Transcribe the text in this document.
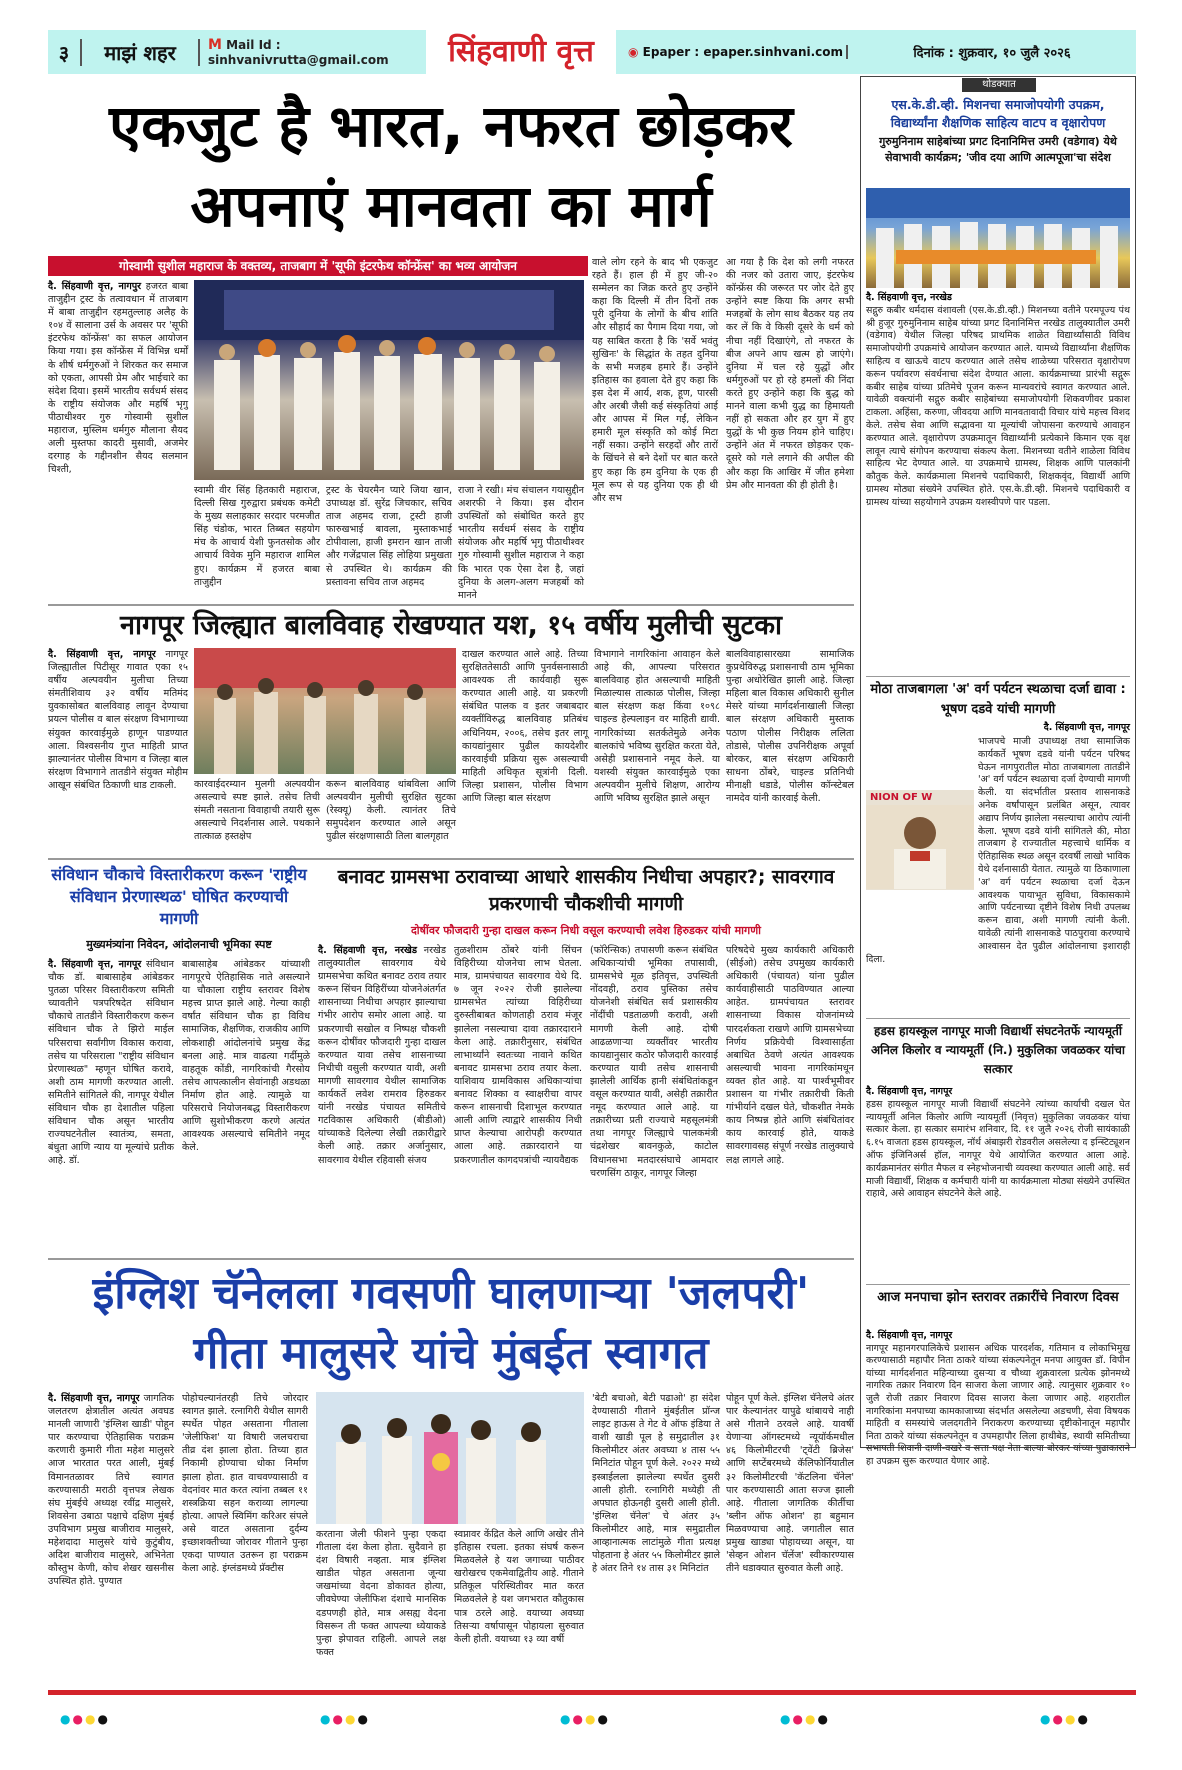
३	माझं शहर	M Mail Id : sinhvanivrutta@gmail.com	सिंहवाणी वृत्त	◉ Epaper : epaper.sinhvani.com	दिनांक : शुक्रवार, १० जुलै २०२६
एकजुट है भारत, नफरत छोड़कर
अपनाएं मानवता का मार्ग
गोस्वामी सुशील महाराज के वक्तव्य, ताजबाग में 'सूफी इंटरफेथ कॉन्फ्रेंस' का भव्य आयोजन
दै. सिंहवाणी वृत्त, नागपुर हजरत बाबा ताजुद्दीन ट्रस्ट के तत्वावधान में ताजबाग में बाबा ताजुद्दीन रहमतुल्लाह अलैह के १०४ वें सालाना उर्स के अवसर पर 'सूफी इंटरफेथ कॉन्फ्रेंस' का सफल आयोजन किया गया। इस कॉन्फ्रेंस में विभिन्न धर्मों के शीर्ष धर्मगुरुओं ने शिरकत कर समाज को एकता, आपसी प्रेम और भाईचारे का संदेश दिया। इसमें भारतीय सर्वधर्म संसद के राष्ट्रीय संयोजक और महर्षि भृगु पीठाधीश्वर गुरु गोस्वामी सुशील महाराज, मुस्लिम धर्मगुरु मौलाना सैयद अली मुस्तफा कादरी मुसावी, अजमेर दरगाह के गद्दीनशीन सैयद सलमान चिश्ती,
स्वामी वीर सिंह हितकारी महाराज, दिल्ली सिख गुरुद्वारा प्रबंधक कमेटी के मुख्य सलाहकार सरदार परमजीत सिंह चंडोक, भारत तिब्बत सहयोग मंच के आचार्य येशी फुनतसोक और आचार्य विवेक मुनि महाराज शामिल हुए। कार्यक्रम में हजरत बाबा ताजुद्दीन
ट्रस्ट के चेयरमैन प्यारे जिया खान, उपाध्यक्ष डॉ. सुरेंद्र जिचकार, सचिव ताज अहमद राजा, ट्रस्टी हाजी फारुखभाई बावला, मुस्ताकभाई टोपीवाला, हाजी इमरान खान ताजी और गजेंद्रपाल सिंह लोहिया प्रमुखता से उपस्थित थे। कार्यक्रम की प्रस्तावना सचिव ताज अहमद
राजा ने रखी। मंच संचालन गयासुद्दीन अशरफी ने किया। इस दौरान उपस्थितों को संबोधित करते हुए भारतीय सर्वधर्म संसद के राष्ट्रीय संयोजक और महर्षि भृगु पीठाधीश्वर गुरु गोस्वामी सुशील महाराज ने कहा कि भारत एक ऐसा देश है, जहां दुनिया के अलग-अलग मजहबों को मानने
वाले लोग रहने के बाद भी एकजुट रहते हैं। हाल ही में हुए जी-२० सम्मेलन का जिक्र करते हुए उन्होंने कहा कि दिल्ली में तीन दिनों तक पूरी दुनिया के लोगों के बीच शांति और सौहार्द का पैगाम दिया गया, जो यह साबित करता है कि 'सर्वे भवंतु सुखिनः' के सिद्धांत के तहत दुनिया के सभी मजहब हमारे हैं। उन्होंने इतिहास का हवाला देते हुए कहा कि इस देश में आर्य, शक, हूण, पारसी और अरबी जैसी कई संस्कृतियां आई और आपस में मिल गईं, लेकिन हमारी मूल संस्कृति को कोई मिटा नहीं सका। उन्होंने सरहदों और तारों के खिंचने से बने देशों पर बात करते हुए कहा कि हम दुनिया के एक ही मूल रूप से यह दुनिया एक ही थी और सभ
आ गया है कि देश को लगी नफरत की नजर को उतारा जाए, इंटरफेथ कॉन्फ्रेंस की जरूरत पर जोर देते हुए उन्होंने स्पष्ट किया कि अगर सभी मजहबों के लोग साथ बैठकर यह तय कर लें कि वे किसी दूसरे के धर्म को नीचा नहीं दिखाएंगे, तो नफरत के बीज अपने आप खत्म हो जाएंगे। दुनिया में चल रहे युद्धों और धर्मगुरुओं पर हो रहे हमलों की निंदा करते हुए उन्होंने कहा कि बुद्ध को मानने वाला कभी युद्ध का हिमायती नहीं हो सकता और हर युग में हुए युद्धों के भी कुछ नियम होने चाहिए। उन्होंने अंत में नफरत छोड़कर एक-दूसरे को गले लगाने की अपील की और कहा कि आखिर में जीत हमेशा प्रेम और मानवता की ही होती है।
नागपूर जिल्ह्यात बालविवाह रोखण्यात यश, १५ वर्षीय मुलीची सुटका
दै. सिंहवाणी वृत्त, नागपूर नागपूर जिल्ह्यातील पिटीसूर गावात एका १५ वर्षीय अल्पवयीन मुलीचा तिच्या संमतीशिवाय ३२ वर्षीय मतिमंद युवकासोबत बालविवाह लावून देण्याचा प्रयत्न पोलीस व बाल संरक्षण विभागाच्या संयुक्त कारवाईमुळे हाणून पाडण्यात आला. विश्वसनीय गुप्त माहिती प्राप्त झाल्यानंतर पोलीस विभाग व जिल्हा बाल संरक्षण विभागाने तातडीने संयुक्त मोहीम आखून संबंधित ठिकाणी धाड टाकली.	कारवाईदरम्यान मुलगी अल्पवयीन असल्याचे स्पष्ट झाले. तसेच तिची संमती नसताना विवाहाची तयारी सुरू असल्याचे निदर्शनास आले. पथकाने तात्काळ हस्तक्षेप
करून बालविवाह थांबविला आणि अल्पवयीन मुलीची सुरक्षित सुटका (रेस्क्यू) केली. त्यानंतर तिचे समुपदेशन करण्यात आले असून पुढील संरक्षणासाठी तिला बालगृहात
दाखल करण्यात आले आहे. तिच्या सुरक्षिततेसाठी आणि पुनर्वसनासाठी आवश्यक ती कार्यवाही सुरू करण्यात आली आहे. या प्रकरणी संबंधित पालक व इतर जबाबदार व्यक्तींविरुद्ध बालविवाह प्रतिबंध अधिनियम, २००६, तसेच इतर लागू कायद्यांनुसार पुढील कायदेशीर कारवाईची प्रक्रिया सुरू असल्याची माहिती अधिकृत सूत्रांनी दिली. जिल्हा प्रशासन, पोलीस विभाग आणि जिल्हा बाल संरक्षण
विभागाने नागरिकांना आवाहन केले आहे की, आपल्या परिसरात बालविवाह होत असल्याची माहिती मिळाल्यास तात्काळ पोलीस, जिल्हा बाल संरक्षण कक्ष किंवा १०९८ चाइल्ड हेल्पलाइन वर माहिती द्यावी. नागरिकांच्या सतर्कतेमुळे अनेक बालकांचे भविष्य सुरक्षित करता येते, असेही प्रशासनाने नमूद केले. या यशस्वी संयुक्त कारवाईमुळे एका अल्पवयीन मुलीचे शिक्षण, आरोग्य आणि भविष्य सुरक्षित झाले असून
बालविवाहासारख्या सामाजिक कुप्रथेविरुद्ध प्रशासनाची ठाम भूमिका पुन्हा अधोरेखित झाली आहे. जिल्हा महिला बाल विकास अधिकारी सुनील मेसरे यांच्या मार्गदर्शनाखाली जिल्हा बाल संरक्षण अधिकारी मुस्ताक पठाण पोलीस निरीक्षक ललिता तोडासे, पोलीस उपनिरीक्षक अपूर्वा बोरकर, बाल संरक्षण अधिकारी साधना ठोंबरे, चाइल्ड प्रतिनिधी मीनाक्षी धडाडे, पोलीस कॉन्स्टेबल नामदेव यांनी कारवाई केली.
संविधान चौकाचे विस्तारीकरण करून 'राष्ट्रीय संविधान प्रेरणास्थळ' घोषित करण्याची मागणी
मुख्यमंत्र्यांना निवेदन, आंदोलनाची भूमिका स्पष्ट
दै. सिंहवाणी वृत्त, नागपूर संविधान चौक डॉ. बाबासाहेब आंबेडकर पुतळा परिसर विस्तारीकरण समिती च्यावतीने पत्रपरिषदेत संविधान चौकाचे तातडीने विस्तारीकरण करून संविधान चौक ते झिरो माईल परिसराचा सर्वांगीण विकास करावा, तसेच या परिसराला "राष्ट्रीय संविधान प्रेरणास्थळ" म्हणून घोषित करावे, अशी ठाम मागणी करण्यात आली. समितीने सांगितले की, नागपूर येथील संविधान चौक हा देशातील पहिला संविधान चौक असून भारतीय राज्यघटनेतील स्वातंत्र्य, समता, बंधुता आणि न्याय या मूल्यांचे प्रतीक आहे. डॉ.
बाबासाहेब आंबेडकर यांच्याशी नागपूरचे ऐतिहासिक नाते असल्याने या चौकाला राष्ट्रीय स्तरावर विशेष महत्त्व प्राप्त झाले आहे. गेल्या काही वर्षांत संविधान चौक हा विविध सामाजिक, शैक्षणिक, राजकीय आणि लोकशाही आंदोलनांचे प्रमुख केंद्र बनला आहे. मात्र वाढत्या गर्दीमुळे वाहतूक कोंडी, नागरिकांची गैरसोय तसेच आपत्कालीन सेवांनाही अडथळा निर्माण होत आहे. त्यामुळे या परिसराचे नियोजनबद्ध विस्तारीकरण आणि सुशोभीकरण करणे अत्यंत आवश्यक असल्याचे समितीने नमूद केले.
बनावट ग्रामसभा ठरावाच्या आधारे शासकीय निधीचा अपहार?; सावरगाव प्रकरणाची चौकशीची मागणी
दोषींवर फौजदारी गुन्हा दाखल करून निधी वसूल करण्याची लवेश हिरुडकर यांची मागणी
दै. सिंहवाणी वृत्त, नरखेड नरखेड तालुक्यातील सावरगाव येथे ग्रामसभेचा कथित बनावट ठराव तयार करून सिंचन विहिरींच्या योजनेअंतर्गत शासनाच्या निधीचा अपहार झाल्याचा गंभीर आरोप समोर आला आहे. या प्रकरणाची सखोल व निष्पक्ष चौकशी करून दोषींवर फौजदारी गुन्हा दाखल करण्यात यावा तसेच शासनाच्या निधीची वसुली करण्यात यावी, अशी मागणी सावरगाव येथील सामाजिक कार्यकर्ते लवेश रामराव हिरुडकर यांनी नरखेड पंचायत समितीचे गटविकास अधिकारी (बीडीओ) यांच्याकडे दिलेल्या लेखी तक्रारीद्वारे केली आहे. तक्रार अर्जानुसार, सावरगाव येथील रहिवासी संजय
तुळशीराम ठोंबरे यांनी सिंचन विहिरीच्या योजनेचा लाभ घेतला. मात्र, ग्रामपंचायत सावरगाव येथे दि. ७ जून २०२२ रोजी झालेल्या ग्रामसभेत त्यांच्या विहिरीच्या दुरुस्तीबाबत कोणताही ठराव मंजूर झालेला नसल्याचा दावा तक्रारदाराने केला आहे. तक्रारीनुसार, संबंधित लाभार्थ्यांने स्वतःच्या नावाने कथित बनावट ग्रामसभा ठराव तयार केला. याशिवाय ग्रामविकास अधिकाऱ्यांचा बनावट शिक्का व स्वाक्षरीचा वापर करून शासनाची दिशाभूल करण्यात आली आणि त्याद्वारे शासकीय निधी प्राप्त केल्याचा आरोपही करण्यात आला आहे. तक्रारदाराने या प्रकरणातील कागदपत्रांची न्यायवैद्यक
(फॉरेन्सिक) तपासणी करून संबंधित अधिकाऱ्यांची भूमिका तपासावी, ग्रामसभेचे मूळ इतिवृत्त, उपस्थिती नोंदवही, ठराव पुस्तिका तसेच योजनेशी संबंधित सर्व प्रशासकीय नोंदींची पडताळणी करावी, अशी मागणी केली आहे. दोषी आढळणाऱ्या व्यक्तींवर भारतीय कायद्यानुसार कठोर फौजदारी कारवाई करण्यात यावी तसेच शासनाची झालेली आर्थिक हानी संबंधितांकडून वसूल करण्यात यावी, असेही तक्रारीत नमूद करण्यात आले आहे. या तक्रारीच्या प्रती राज्याचे महसूलमंत्री तथा नागपूर जिल्ह्याचे पालकमंत्री चंद्रशेखर बावनकुळे, काटोल विधानसभा मतदारसंघाचे आमदार चरणसिंग ठाकूर, नागपूर जिल्हा
परिषदेचे मुख्य कार्यकारी अधिकारी (सीईओ) तसेच उपमुख्य कार्यकारी अधिकारी (पंचायत) यांना पुढील कार्यवाहीसाठी पाठविण्यात आल्या आहेत. ग्रामपंचायत स्तरावर शासनाच्या विकास योजनांमध्ये पारदर्शकता राखणे आणि ग्रामसभेच्या निर्णय प्रक्रियेची विश्वासार्हता अबाधित ठेवणे अत्यंत आवश्यक असल्याची भावना नागरिकांमधून व्यक्त होत आहे. या पार्श्वभूमीवर प्रशासन या गंभीर तक्रारीची किती गांभीर्याने दखल घेते, चौकशीत नेमके काय निष्पन्न होते आणि संबंधितांवर काय कारवाई होते, याकडे सावरगावसह संपूर्ण नरखेड तालुक्याचे लक्ष लागले आहे.
इंग्लिश चॅनेलला गवसणी घालणाऱ्या 'जलपरी'
गीता मालुसरे यांचे मुंबईत स्वागत
दै. सिंहवाणी वृत्त, नागपूर जागतिक जलतरण क्षेत्रातील अत्यंत अवघड मानली जाणारी 'इंग्लिश खाडी' पोहून पार करण्याचा ऐतिहासिक पराक्रम करणारी कुमारी गीता महेश मालुसरे आज भारतात परत आली, मुंबई विमानतळावर तिचे स्वागत करण्यासाठी मराठी वृत्तपत्र लेखक संघ मुंबईचे अध्यक्ष रवींद्र मालुसरे, शिवसेना उबाठा पक्षाचे दक्षिण मुंबई उपविभाग प्रमुख बाजीराव मालुसरे, महेशदादा मालुसरे यांचे कुटुंबीय, अदिश बाजीराव मालुसरे, अभिनेता कौस्तुभ केणी, कोच शेखर खसनीस उपस्थित होते. पुण्यात
पोहोचल्यानंतरही तिचे जोरदार स्वागत झाले. रत्नागिरी येथील सागरी स्पर्धेत पोहत असताना गीताला 'जेलीफिश' या विषारी जलचराचा तीव्र दंश झाला होता. तिच्या हात निकामी होण्याचा धोका निर्माण झाला होता. हात वाचवण्यासाठी व वेदनांवर मात करत त्यांना तब्बल ११ शस्त्रक्रिया सहन कराव्या लागल्या होत्या. आपले स्विमिंग करिअर संपले असे वाटत असताना दुर्दम्य इच्छाशक्तीच्या जोरावर गीताने पुन्हा एकदा पाण्यात उतरून हा पराक्रम केला आहे. इंग्लंडमध्ये प्रॅक्टीस
करताना जेली फीशने पुन्हा एकदा गीताला दंश केला होता. सुदैवाने हा दंश विषारी नव्हता. मात्र इंग्लिश खाडीत पोहत असताना जून्या जखमांच्या वेदना डोकावत होत्या, जीवघेण्या जेलीफिश दंशाचे मानसिक दडपणही होते, मात्र असह्य वेदना विसरून ती फक्त आपल्या ध्येयाकडे पुन्हा झेपावत राहिली. आपले लक्ष फक्त
स्वप्नावर केंद्रित केले आणि अखेर तीने इतिहास रचला. इतका संघर्ष करून मिळवलेले हे यश जगाच्या पाठीवर खरोखरच एकमेवाद्वितीय आहे. गीताने प्रतिकूल परिस्थितीवर मात करत मिळवलेले हे यश जगभरात कौतुकास पात्र ठरले आहे. वयाच्या अवघ्या तिसऱ्या वर्षापासून पोहायला सुरुवात केली होती. वयाच्या १३ व्या वर्षी
'बेटी बचाओ, बेटी पढाओ' हा संदेश देण्यासाठी गीताने मुंबईतील प्रॉन्ज लाइट हाऊस ते गेट वे ऑफ इंडिया ते वाशी खाडी पूल हे समुद्रातील ३१ किलोमीटर अंतर अवघ्या ४ तास ५५ मिनिटांत पोहून पूर्ण केले. २०२२ मध्ये इस्त्राईलला झालेल्या स्पर्धेत दुसरी आली होती. रत्नागिरी मध्येही ती अपघात होऊनही दुसरी आली होती. 'इंग्लिश चॅनेल' चे अंतर ३५ किलोमीटर आहे, मात्र समुद्रातील आव्हानात्मक लाटांमुळे गीता प्रत्यक्ष पोहताना हे अंतर ५५ किलोमीटर झाले हे अंतर तिने १४ तास ३१ मिनिटांत
पोहून पूर्ण केले. इंग्लिश चॅनेलचे अंतर पार केल्यानंतर यापुढे थांबायचे नाही असे गीताने ठरवले आहे. यावर्षी येणाऱ्या ऑगस्टमध्ये न्यूयॉर्कमधील ४६ किलोमीटरची 'ट्वेंटी ब्रिजेस' आणि सप्टेंबरमध्ये कॅलिफोर्नियातील ३२ किलोमीटरची 'कॅटलिना चॅनेल' पार करण्यासाठी आता सज्ज झाली आहे. गीताला जागतिक कीर्तीचा 'ब्लीन ऑफ ओशन' हा बहुमान मिळवण्याचा आहे. जगातील सात प्रमुख खाड्या पोहायच्या असून, या 'सेव्हन ओशन चॅलेंज' स्वीकारण्यास तीने धडाक्यात सुरुवात केली आहे.
थोडक्यात
एस.के.डी.व्ही. मिशनचा समाजोपयोगी उपक्रम, विद्यार्थ्यांना शैक्षणिक साहित्य वाटप व वृक्षारोपण
गुरुमुनिनाम साहेबांच्या प्रगट दिनानिमित्त उमरी (वडेगाव) येथे सेवाभावी कार्यक्रम; 'जीव दया आणि आत्मपूजा'चा संदेश
दै. सिंहवाणी वृत्त, नरखेड
सद्गुरु कबीर धर्मदास वंशावली (एस.के.डी.व्ही.) मिशनच्या वतीने परमपूज्य पंथ श्री हुजूर गुरुमुनिनाम साहेब यांच्या प्रगट दिनानिमित्त नरखेड तालुक्यातील उमरी (वडेगाव) येथील जिल्हा परिषद प्राथमिक शाळेत विद्यार्थ्यांसाठी विविध समाजोपयोगी उपक्रमांचे आयोजन करण्यात आले. यामध्ये विद्यार्थ्यांना शैक्षणिक साहित्य व खाऊचे वाटप करण्यात आले तसेच शाळेच्या परिसरात वृक्षारोपण करून पर्यावरण संवर्धनाचा संदेश देण्यात आला. कार्यक्रमाच्या प्रारंभी सद्गुरू कबीर साहेब यांच्या प्रतिमेचे पूजन करून मान्यवरांचे स्वागत करण्यात आले. यावेळी वक्त्यांनी सद्गुरु कबीर साहेबांच्या समाजोपयोगी शिकवणीवर प्रकाश टाकला. अहिंसा, करुणा, जीवदया आणि मानवतावादी विचार यांचे महत्त्व विशद केले. तसेच सेवा आणि सद्भावना या मूल्यांची जोपासना करण्याचे आवाहन करण्यात आले. वृक्षारोपण उपक्रमातून विद्यार्थ्यांनी प्रत्येकाने किमान एक वृक्ष लावून त्याचे संगोपन करण्याचा संकल्प केला. मिशनच्या वतीने शाळेला विविध साहित्य भेट देण्यात आले. या उपक्रमाचे ग्रामस्थ, शिक्षक आणि पालकांनी कौतुक केले. कार्यक्रमाला मिशनचे पदाधिकारी, शिक्षकवृंद, विद्यार्थी आणि ग्रामस्थ मोठ्या संख्येने उपस्थित होते. एस.के.डी.व्ही. मिशनचे पदाधिकारी व ग्रामस्थ यांच्या सहयोगाने उपक्रम यशस्वीपणे पार पडला.
मोठा ताजबागला 'अ' वर्ग पर्यटन स्थळाचा दर्जा द्यावा : भूषण दडवे यांची मागणी
दै. सिंहवाणी वृत्त, नागपूर
NION OF W
भाजपचे माजी उपाध्यक्ष तथा सामाजिक कार्यकर्ते भूषण दडवे यांनी पर्यटन परिषद घेऊन नागपुरातील मोठा ताजबागला तातडीने 'अ' वर्ग पर्यटन स्थळाचा दर्जा देण्याची मागणी केली. या संदर्भातील प्रस्ताव शासनाकडे अनेक वर्षांपासून प्रलंबित असून, त्यावर अद्याप निर्णय झालेला नसल्याचा आरोप त्यांनी केला. भूषण दडवे यांनी सांगितले की, मोठा ताजबाग हे राज्यातील महत्त्वाचे धार्मिक व ऐतिहासिक स्थळ असून दरवर्षी लाखो भाविक येथे दर्शनासाठी येतात. त्यामुळे या ठिकाणाला 'अ' वर्ग पर्यटन स्थळाचा दर्जा देऊन आवश्यक पायाभूत सुविधा, विकासकामे आणि पर्यटनाच्या दृष्टीने विशेष निधी उपलब्ध करून द्यावा, अशी मागणी त्यांनी केली. यावेळी त्यांनी शासनाकडे पाठपुरावा करण्याचे आश्वासन देत पुढील आंदोलनाचा इशाराही दिला.
हडस हायस्कूल नागपूर माजी विद्यार्थी संघटनेतर्फे न्यायमूर्ती अनिल किलोर व न्यायमूर्ती (नि.) मुकुलिका जवळकर यांचा सत्कार
दै. सिंहवाणी वृत्त, नागपूर
हडस हायस्कूल नागपूर माजी विद्यार्थी संघटनेने त्यांच्या कार्याची दखल घेत न्यायमूर्ती अनिल किलोर आणि न्यायमूर्ती (निवृत्त) मुकुलिका जवळकर यांचा सत्कार केला. हा सत्कार समारंभ शनिवार, दि. ११ जुलै २०२६ रोजी सायंकाळी ६.१५ वाजता हडस हायस्कूल, नॉर्थ अंबाझरी रोडवरील असलेल्या द इन्स्टिट्यूशन ऑफ इंजिनिअर्स हॉल, नागपूर येथे आयोजित करण्यात आला आहे. कार्यक्रमानंतर संगीत मैफल व स्नेहभोजनाची व्यवस्था करण्यात आली आहे. सर्व माजी विद्यार्थी, शिक्षक व कर्मचारी यांनी या कार्यक्रमाला मोठ्या संख्येने उपस्थित राहावे, असे आवाहन संघटनेने केले आहे.
आज मनपाचा झोन स्तरावर तक्रारींचे निवारण दिवस
दै. सिंहवाणी वृत्त, नागपूर
नागपूर महानगरपालिकेचे प्रशासन अधिक पारदर्शक, गतिमान व लोकाभिमुख करण्यासाठी महापौर निता ठाकरे यांच्या संकल्पनेतून मनपा आयुक्त डॉ. विपीन यांच्या मार्गदर्शनात महिन्याच्या दुसऱ्या व चौथ्या शुक्रवारला प्रत्येक झोनमध्ये नागरिक तक्रार निवारण दिन साजरा केला जाणार आहे. त्यानुसार शुक्रवार १० जुलै रोजी तक्रार निवारण दिवस साजरा केला जाणार आहे. शहरातील नागरिकांना मनपाच्या कामकाजाच्या संदर्भात असलेल्या अडचणी, सेवा विषयक माहिती व समस्यांचे जलदगतीने निराकरण करण्याच्या दृष्टीकोनातून महापौर निता ठाकरे यांच्या संकल्पनेतून व उपमहापौर लिला हाथीबेड, स्थायी समितीच्या सभापती शिवानी दाणी-वखरे व सत्ता पक्ष नेता बाल्या बोरकर यांच्या पुढाकाराने हा उपक्रम सुरू करण्यात येणार आहे.
●●●●	●●●●	●●●●	●●●●	●●●●
